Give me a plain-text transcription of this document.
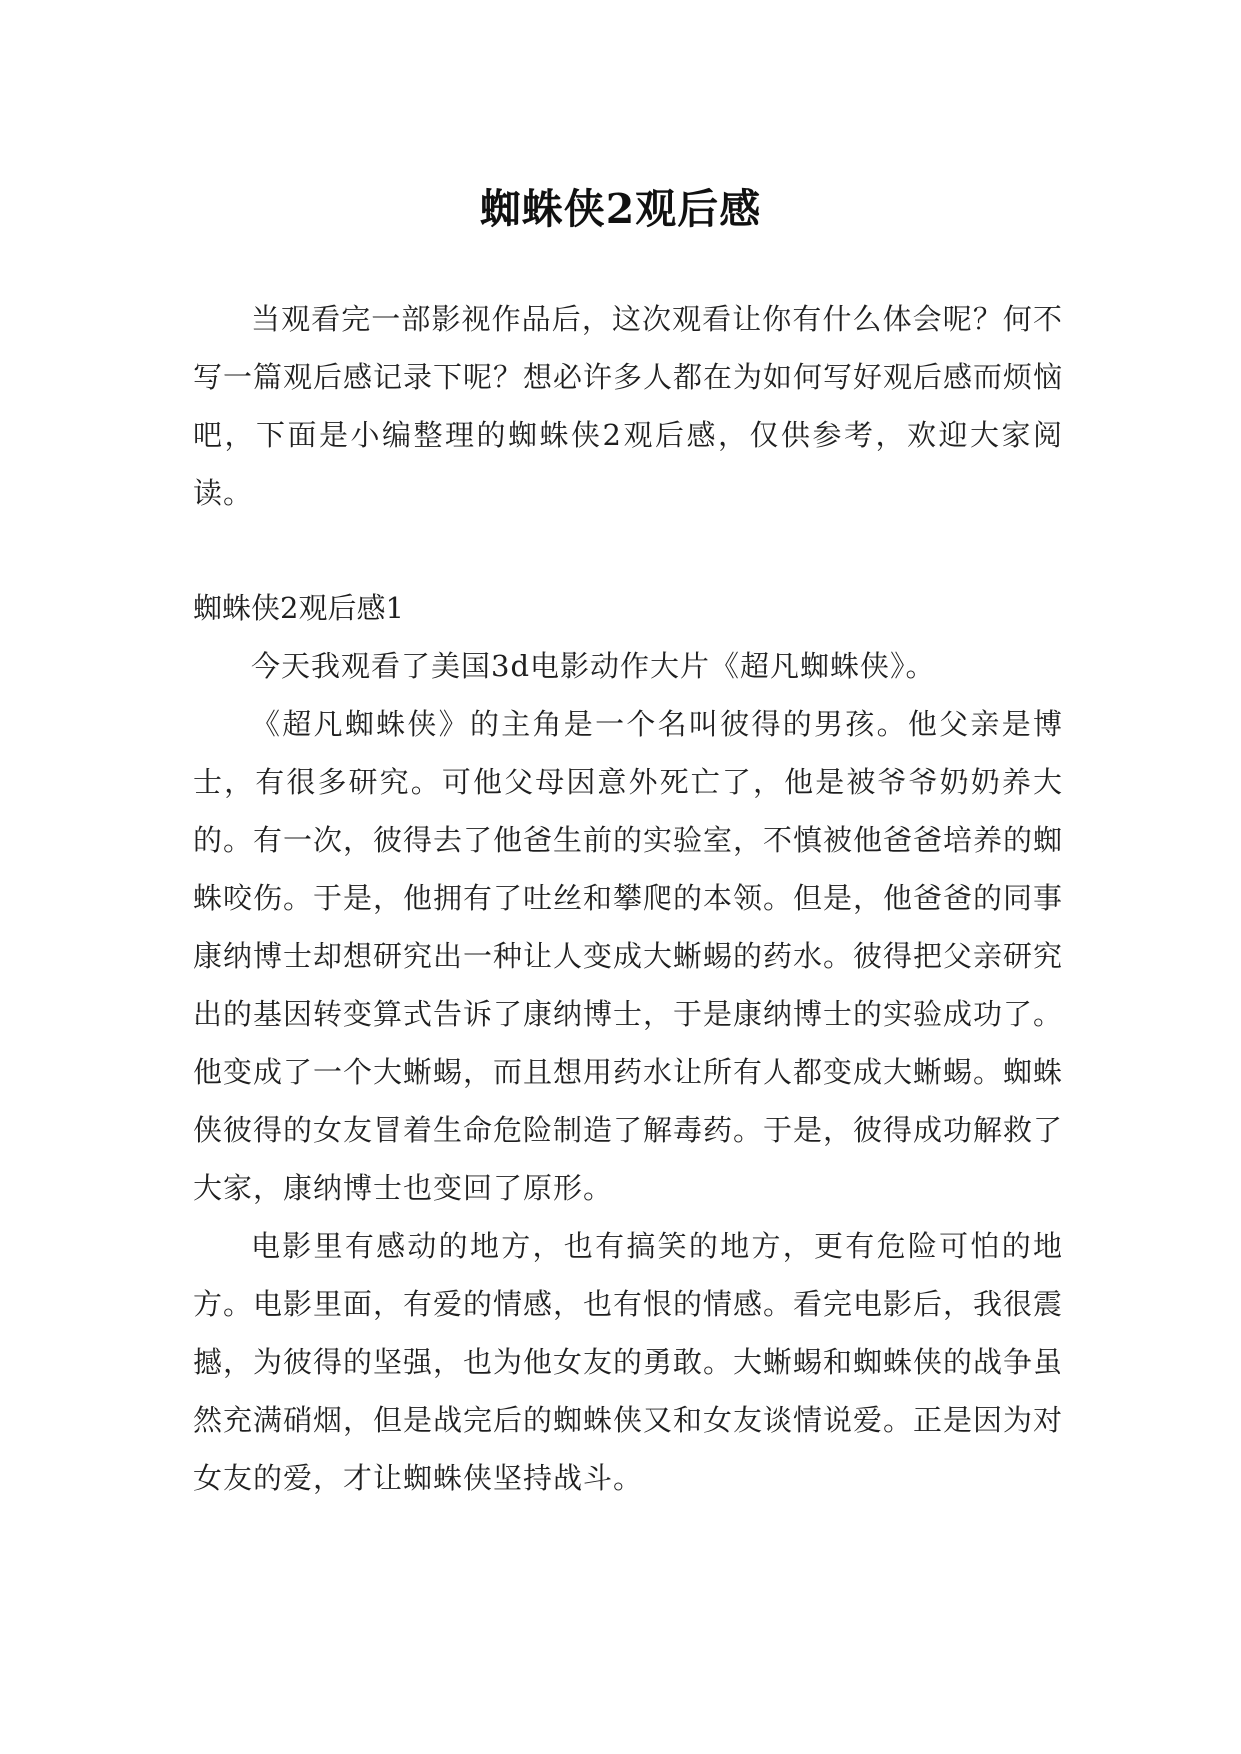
蜘蛛侠2观后感

当观看完一部影视作品后，这次观看让你有什么体会呢？何不写一篇观后感记录下呢？想必许多人都在为如何写好观后感而烦恼吧，下面是小编整理的蜘蛛侠2观后感，仅供参考，欢迎大家阅读。

蜘蛛侠2观后感1

今天我观看了美国3d电影动作大片《超凡蜘蛛侠》。

《超凡蜘蛛侠》的主角是一个名叫彼得的男孩。他父亲是博士，有很多研究。可他父母因意外死亡了，他是被爷爷奶奶养大的。有一次，彼得去了他爸生前的实验室，不慎被他爸爸培养的蜘蛛咬伤。于是，他拥有了吐丝和攀爬的本领。但是，他爸爸的同事康纳博士却想研究出一种让人变成大蜥蜴的药水。彼得把父亲研究出的基因转变算式告诉了康纳博士，于是康纳博士的实验成功了。他变成了一个大蜥蜴，而且想用药水让所有人都变成大蜥蜴。蜘蛛侠彼得的女友冒着生命危险制造了解毒药。于是，彼得成功解救了大家，康纳博士也变回了原形。

电影里有感动的地方，也有搞笑的地方，更有危险可怕的地方。电影里面，有爱的情感，也有恨的情感。看完电影后，我很震撼，为彼得的坚强，也为他女友的勇敢。大蜥蜴和蜘蛛侠的战争虽然充满硝烟，但是战完后的蜘蛛侠又和女友谈情说爱。正是因为对女友的爱，才让蜘蛛侠坚持战斗。
